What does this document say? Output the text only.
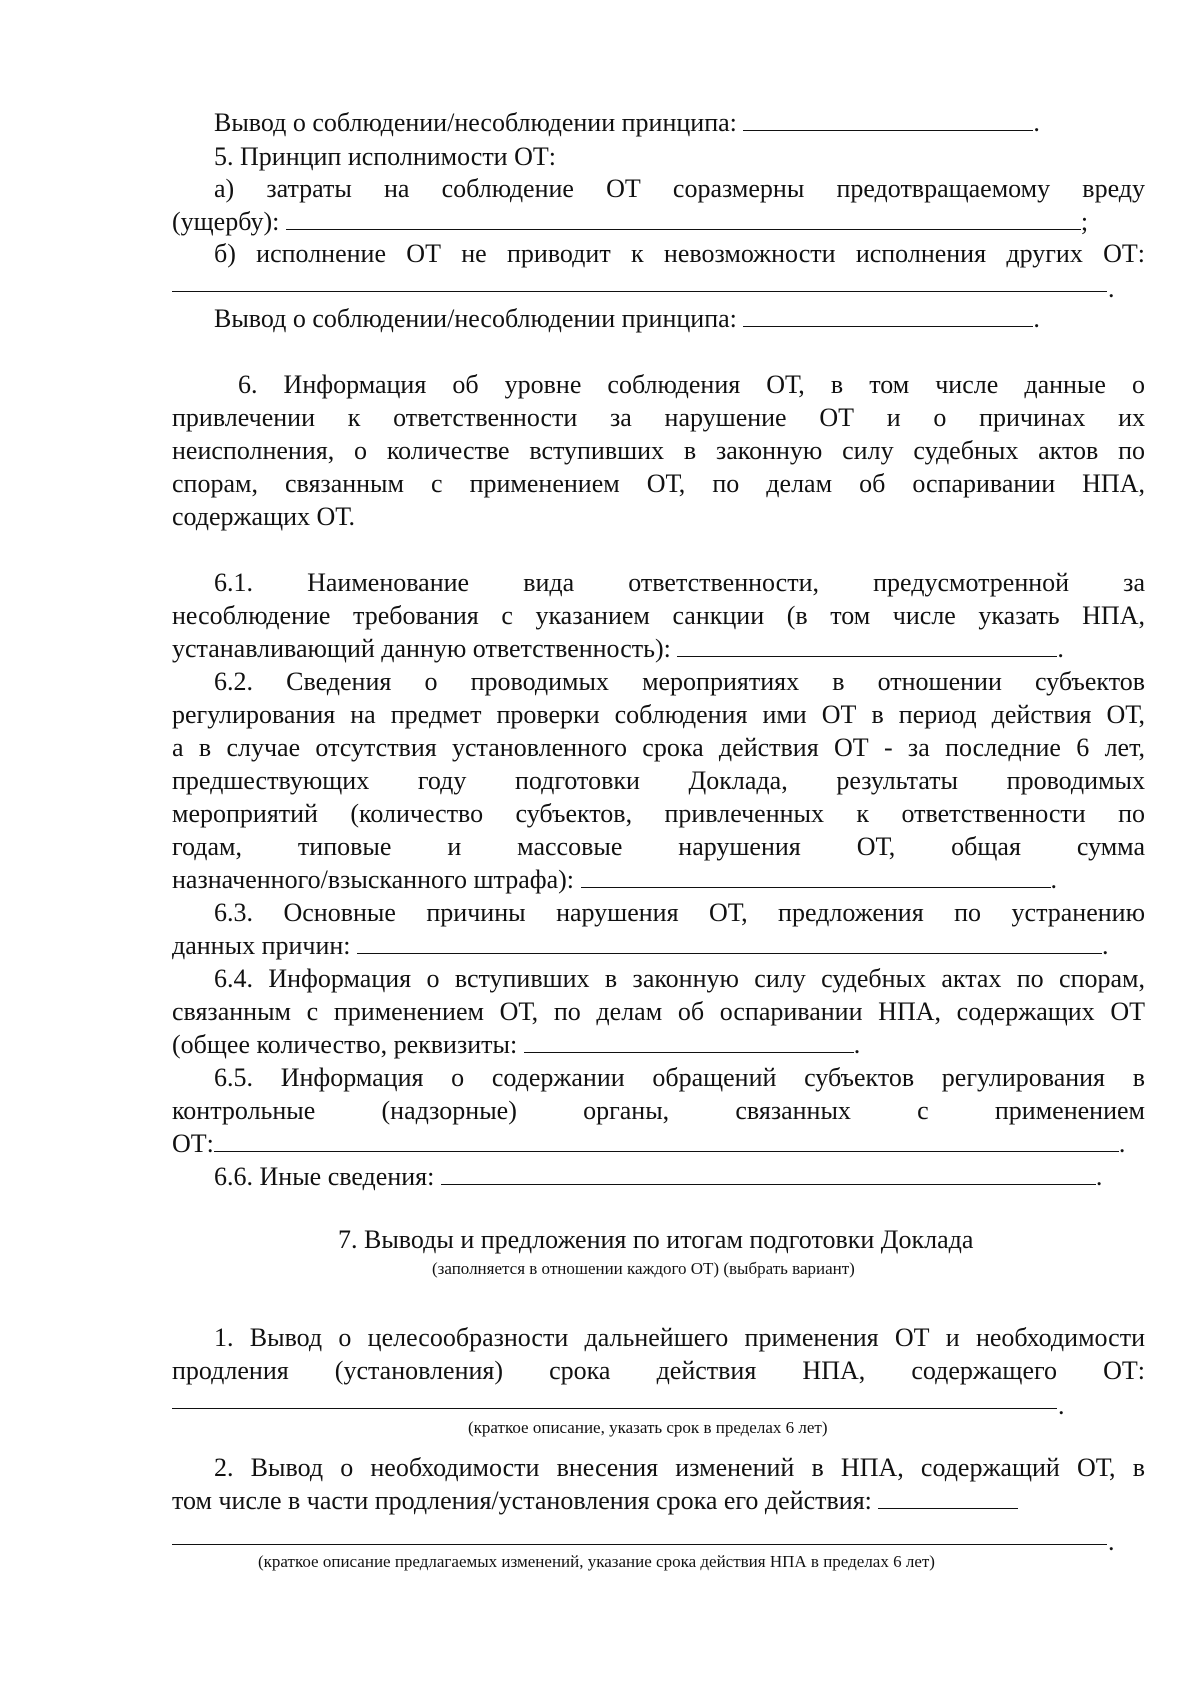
Вывод о соблюдении/несоблюдении принципа:	.
5. Принцип исполнимости ОТ:
а) затраты на соблюдение ОТ соразмерны предотвращаемому вреду
(ущербу):	;
б) исполнение ОТ не приводит к невозможности исполнения других ОТ:
.
Вывод о соблюдении/несоблюдении принципа:	.
6. Информация об уровне соблюдения ОТ, в том числе данные о
привлечении к ответственности за нарушение ОТ и о причинах их
неисполнения, о количестве вступивших в законную силу судебных актов по
спорам, связанным с применением ОТ, по делам об оспаривании НПА,
содержащих ОТ.
6.1. Наименование вида ответственности, предусмотренной за
несоблюдение требования с указанием санкции (в том числе указать НПА,
устанавливающий данную ответственность):	.
6.2. Сведения о проводимых мероприятиях в отношении субъектов
регулирования на предмет проверки соблюдения ими ОТ в период действия ОТ,
а в случае отсутствия установленного срока действия ОТ - за последние 6 лет,
предшествующих году подготовки Доклада, результаты проводимых
мероприятий (количество субъектов, привлеченных к ответственности по
годам, типовые и массовые нарушения ОТ, общая сумма
назначенного/взысканного штрафа):	.
6.3. Основные причины нарушения ОТ, предложения по устранению
данных причин:	.
6.4. Информация о вступивших в законную силу судебных актах по спорам,
связанным с применением ОТ, по делам об оспаривании НПА, содержащих ОТ
(общее количество, реквизиты:	.
6.5. Информация о содержании обращений субъектов регулирования в
контрольные (надзорные) органы, связанных с применением
ОТ:	.
6.6. Иные сведения:	.
7. Выводы и предложения по итогам подготовки Доклада
(заполняется в отношении каждого ОТ) (выбрать вариант)
1. Вывод о целесообразности дальнейшего применения ОТ и необходимости
продления (установления) срока действия НПА, содержащего ОТ:
.
(краткое описание, указать срок в пределах 6 лет)
2. Вывод о необходимости внесения изменений в НПА, содержащий ОТ, в
том числе в части продления/установления срока его действия:
.
(краткое описание предлагаемых изменений, указание срока действия НПА в пределах 6 лет)
